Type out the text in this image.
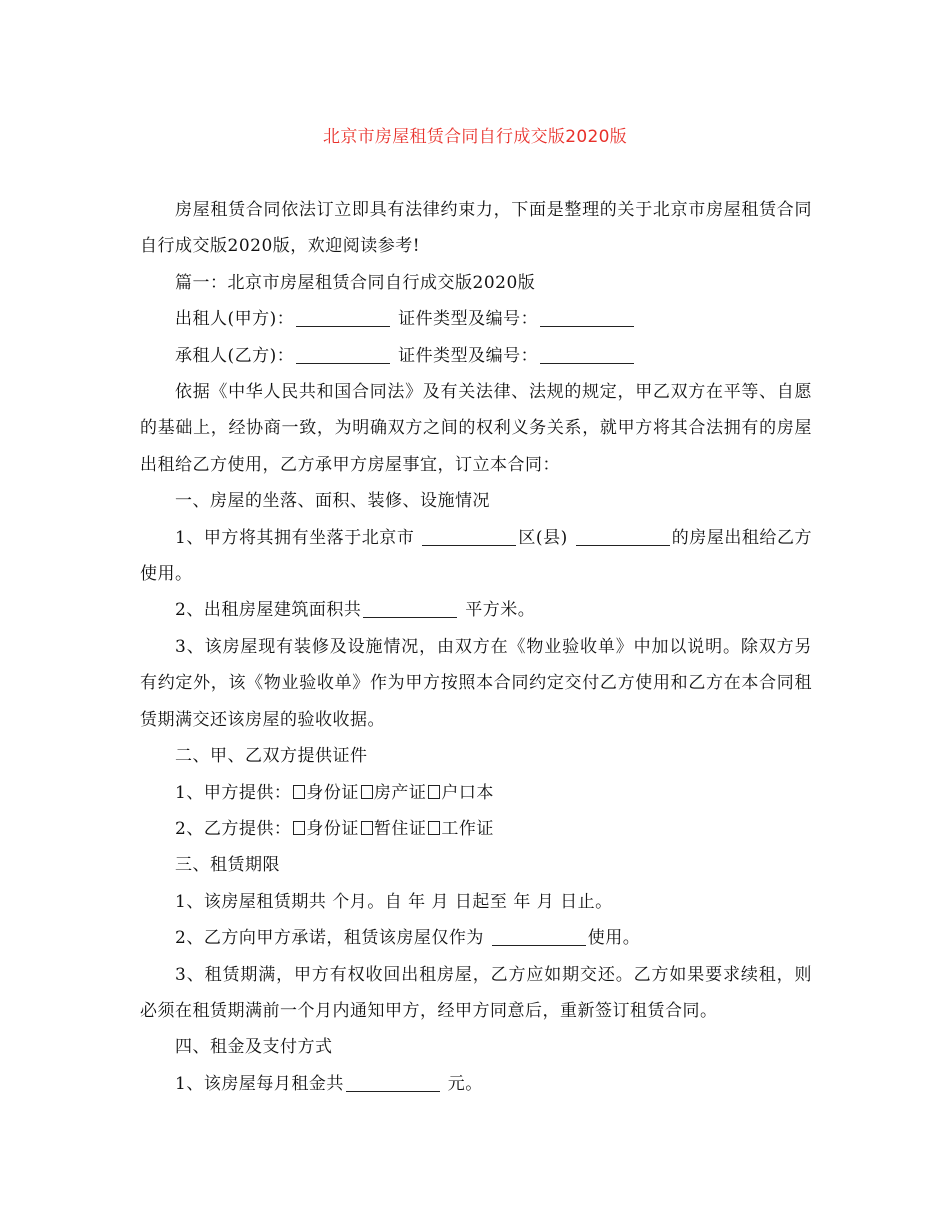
北京市房屋租赁合同自行成交版2020版

房屋租赁合同依法订立即具有法律约束力，下面是整理的关于北京市房屋租赁合同自行成交版2020版，欢迎阅读参考!

篇一：北京市房屋租赁合同自行成交版2020版

出租人(甲方)：	证件类型及编号：

承租人(乙方)：	证件类型及编号：

依据《中华人民共和国合同法》及有关法律、法规的规定，甲乙双方在平等、自愿的基础上，经协商一致，为明确双方之间的权利义务关系，就甲方将其合法拥有的房屋出租给乙方使用，乙方承甲方房屋事宜，订立本合同：

一、房屋的坐落、面积、装修、设施情况

1、甲方将其拥有坐落于北京市	区(县)	的房屋出租给乙方使用。

2、出租房屋建筑面积共	平方米。

3、该房屋现有装修及设施情况，由双方在《物业验收单》中加以说明。除双方另有约定外，该《物业验收单》作为甲方按照本合同约定交付乙方使用和乙方在本合同租赁期满交还该房屋的验收收据。

二、甲、乙双方提供证件

1、甲方提供： 身份证 房产证 户口本

2、乙方提供： 身份证 暂住证 工作证

三、租赁期限

1、该房屋租赁期共 个月。自 年 月 日起至 年 月 日止。

2、乙方向甲方承诺，租赁该房屋仅作为	使用。

3、租赁期满，甲方有权收回出租房屋，乙方应如期交还。乙方如果要求续租，则必须在租赁期满前一个月内通知甲方，经甲方同意后，重新签订租赁合同。

四、租金及支付方式

1、该房屋每月租金共	元。
